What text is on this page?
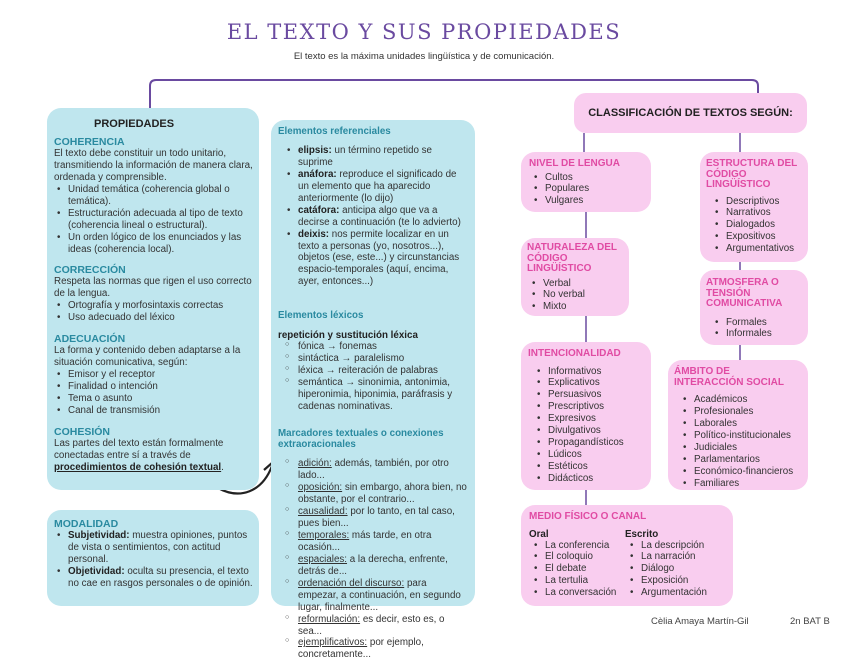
EL TEXTO Y SUS PROPIEDADES
El texto es la máxima unidades lingüística y de comunicación.
PROPIEDADES
COHERENCIA
El texto debe constituir un todo unitario, transmitiendo la información de manera clara, ordenada y comprensible.
• Unidad temática (coherencia global o temática).
• Estructuración adecuada al tipo de texto (coherencia lineal o estructural).
• Un orden lógico de los enunciados y las ideas (coherencia local).
CORRECCIÓN
Respeta las normas que rigen el uso correcto de la lengua.
• Ortografía y morfosintaxis correctas
• Uso adecuado del léxico
ADECUACIÓN
La forma y contenido deben adaptarse a la situación comunicativa, según:
• Emisor y el receptor
• Finalidad o intención
• Tema o asunto
• Canal de transmisión
COHESIÓN
Las partes del texto están formalmente conectadas entre sí a través de procedimientos de cohesión textual.
MODALIDAD
• Subjetividad: muestra opiniones, puntos de vista o sentimientos, con actitud personal.
• Objetividad: oculta su presencia, el texto no cae en rasgos personales o de opinión.
Elementos referenciales
• elipsis: un término repetido se suprime
• anáfora: reproduce el significado de un elemento que ha aparecido anteriormente (lo dijo)
• catáfora: anticipa algo que va a decirse a continuación (te lo advierto)
• deixis: nos permite localizar en un texto a personas (yo, nosotros...), objetos (ese, este...) y circunstancias espacio-temporales (aquí, encima, ayer, entonces...)
Elementos léxicos
repetición y sustitución léxica
○ fónica → fonemas
○ sintáctica → paralelismo
○ léxica → reiteración de palabras
○ semántica → sinonimia, antonimia, hiperonimia, hiponimia, paráfrasis y cadenas nominativas.
Marcadores textuales o conexiones extraoracionales
○ adición: además, también, por otro lado...
○ oposición: sin embargo, ahora bien, no obstante, por el contrario...
○ causalidad: por lo tanto, en tal caso, pues bien...
○ temporales: más tarde, en otra ocasión...
○ espaciales: a la derecha, enfrente, detrás de...
○ ordenación del discurso: para empezar, a continuación, en segundo lugar, finalmente...
○ reformulación: es decir, esto es, o sea...
○ ejemplificativos: por ejemplo, concretamente...
CLASSIFICACIÓN DE TEXTOS SEGÚN:
NIVEL DE LENGUA
• Cultos
• Populares
• Vulgares
NATURALEZA DEL CÓDIGO LINGÜÍSTICO
• Verbal
• No verbal
• Mixto
INTENCIONALIDAD
• Informativos
• Explicativos
• Persuasivos
• Prescriptivos
• Expresivos
• Divulgativos
• Propagandísticos
• Lúdicos
• Estéticos
• Didácticos
ESTRUCTURA DEL CÓDIGO LINGÜÍSTICO
• Descriptivos
• Narrativos
• Dialogados
• Expositivos
• Argumentativos
ATMOSFERA O TENSIÓN COMUNICATIVA
• Formales
• Informales
ÁMBITO DE INTERACCIÓN SOCIAL
• Académicos
• Profesionales
• Laborales
• Político-institucionales
• Judiciales
• Parlamentarios
• Económico-financieros
• Familiares
MEDIO FÍSICO O CANAL
Oral
• La conferencia
• El coloquio
• El debate
• La tertulia
• La conversación
Escrito
• La descripción
• La narración
• Diálogo
• Exposición
• Argumentación
Cèlia Amaya Martín-Gil	2n BAT B
